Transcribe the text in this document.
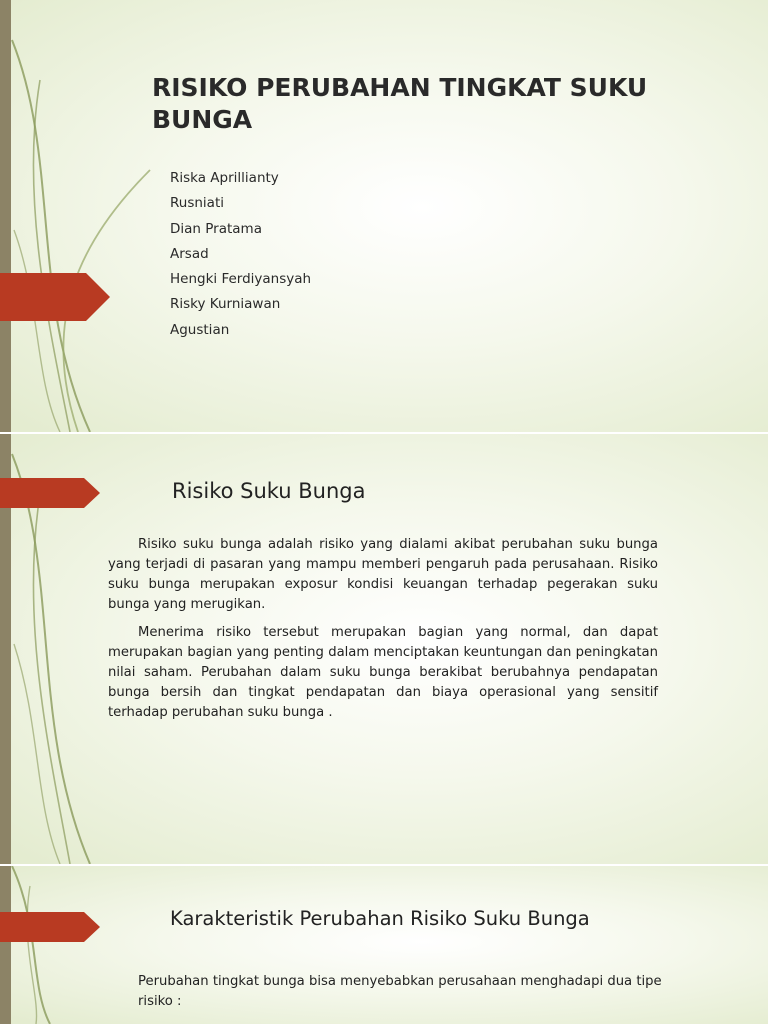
RISIKO PERUBAHAN TINGKAT SUKU BUNGA
Riska Aprillianty
Rusniati
Dian Pratama
Arsad
Hengki Ferdiyansyah
Risky Kurniawan
Agustian
Risiko Suku Bunga

Risiko suku bunga adalah risiko yang dialami akibat perubahan suku bunga yang terjadi di pasaran yang mampu memberi pengaruh pada perusahaan. Risiko suku bunga merupakan exposur kondisi keuangan terhadap pegerakan suku bunga yang merugikan.

Menerima risiko tersebut merupakan bagian yang normal, dan dapat merupakan bagian yang penting dalam menciptakan keuntungan dan peningkatan nilai saham. Perubahan dalam suku bunga berakibat berubahnya pendapatan bunga bersih dan tingkat pendapatan dan biaya operasional yang sensitif terhadap perubahan suku bunga .

Karakteristik Perubahan Risiko Suku Bunga

Perubahan tingkat bunga bisa menyebabkan perusahaan menghadapi dua tipe risiko :
